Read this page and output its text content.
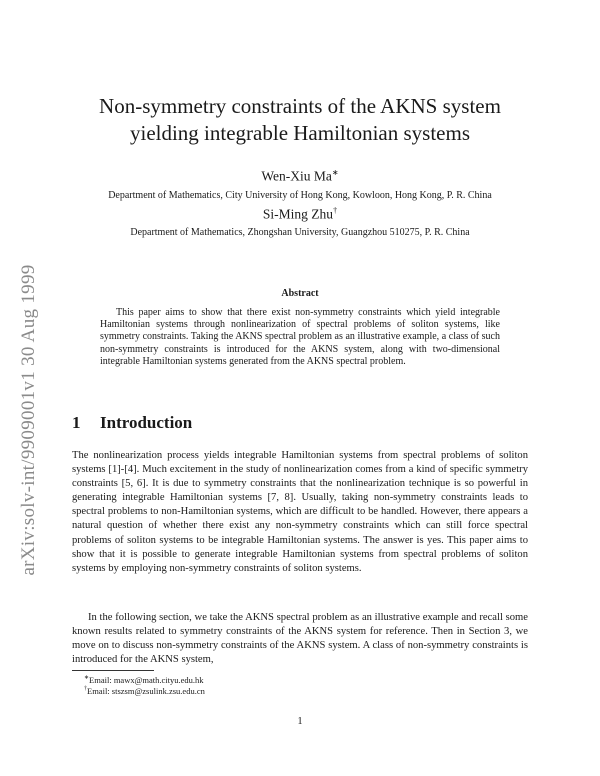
arXiv:solv-int/9909001v1 30 Aug 1999
Non-symmetry constraints of the AKNS system
yielding integrable Hamiltonian systems
Wen-Xiu Ma∗
Department of Mathematics, City University of Hong Kong, Kowloon, Hong Kong, P. R. China
Si-Ming Zhu†
Department of Mathematics, Zhongshan University, Guangzhou 510275, P. R. China
Abstract

This paper aims to show that there exist non-symmetry constraints which yield integrable Hamiltonian systems through nonlinearization of spectral problems of soliton systems, like symmetry constraints. Taking the AKNS spectral problem as an illustrative example, a class of such non-symmetry constraints is introduced for the AKNS system, along with two-dimensional integrable Hamiltonian systems generated from the AKNS spectral problem.

1 Introduction

The nonlinearization process yields integrable Hamiltonian systems from spectral problems of soliton systems [1]-[4]. Much excitement in the study of nonlinearization comes from a kind of specific symmetry constraints [5, 6]. It is due to symmetry constraints that the nonlinearization technique is so powerful in generating integrable Hamiltonian systems [7, 8]. Usually, taking non-symmetry constraints leads to spectral problems to non-Hamiltonian systems, which are difficult to be handled. However, there appears a natural question of whether there exist any non-symmetry constraints which can still force spectral problems of soliton systems to be integrable Hamiltonian systems. The answer is yes. This paper aims to show that it is possible to generate integrable Hamiltonian systems from spectral problems of soliton systems by employing non-symmetry constraints of soliton systems.

In the following section, we take the AKNS spectral problem as an illustrative example and recall some known results related to symmetry constraints of the AKNS system for reference. Then in Section 3, we move on to discuss non-symmetry constraints of the AKNS system. A class of non-symmetry constraints is introduced for the AKNS system,

∗Email: mawx@math.cityu.edu.hk
†Email: stszsm@zsulink.zsu.edu.cn
1
